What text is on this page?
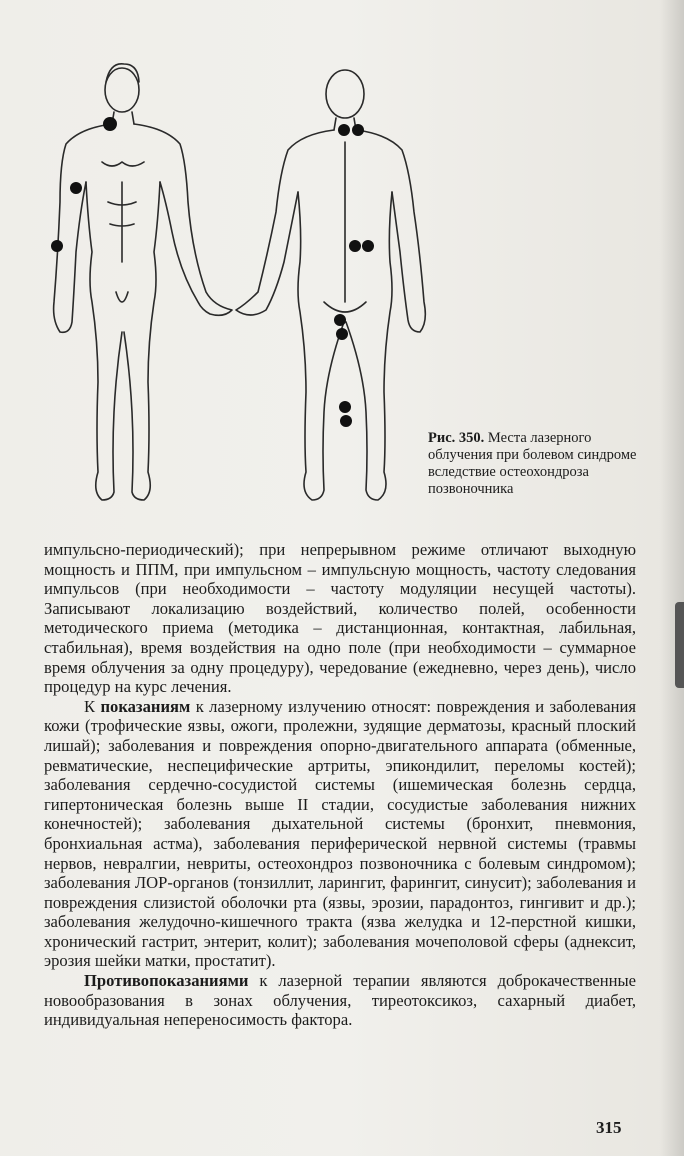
Рис. 350. Места лазерного облучения при болевом синдроме вследствие остеохондроза позвоночника

импульсно-периодический); при непрерывном режиме отличают выходную мощность и ППМ, при импульсном – импульсную мощность, частоту следования импульсов (при необходимости – частоту модуляции несущей частоты). Записывают локализацию воздействий, количество полей, особенности методического приема (методика – дистанционная, контактная, лабильная, стабильная), время воздействия на одно поле (при необходимости – суммарное время облучения за одну процедуру), чередование (ежедневно, через день), число процедур на курс лечения.

К показаниям к лазерному излучению относят: повреждения и заболевания кожи (трофические язвы, ожоги, пролежни, зудящие дерматозы, красный плоский лишай); заболевания и повреждения опорно-двигательного аппарата (обменные, ревматические, неспецифические артриты, эпикондилит, переломы костей); заболевания сердечно-сосудистой системы (ишемическая болезнь сердца, гипертоническая болезнь выше II стадии, сосудистые заболевания нижних конечностей); заболевания дыхательной системы (бронхит, пневмония, бронхиальная астма), заболевания периферической нервной системы (травмы нервов, невралгии, невриты, остеохондроз позвоночника с болевым синдромом); заболевания ЛОР-органов (тонзиллит, ларингит, фарингит, синусит); заболевания и повреждения слизистой оболочки рта (язвы, эрозии, парадонтоз, гингивит и др.); заболевания желудочно-кишечного тракта (язва желудка и 12-перстной кишки, хронический гастрит, энтерит, колит); заболевания мочеполовой сферы (аднексит, эрозия шейки матки, простатит).

Противопоказаниями к лазерной терапии являются доброкачественные новообразования в зонах облучения, тиреотоксикоз, сахарный диабет, индивидуальная непереносимость фактора.

315
